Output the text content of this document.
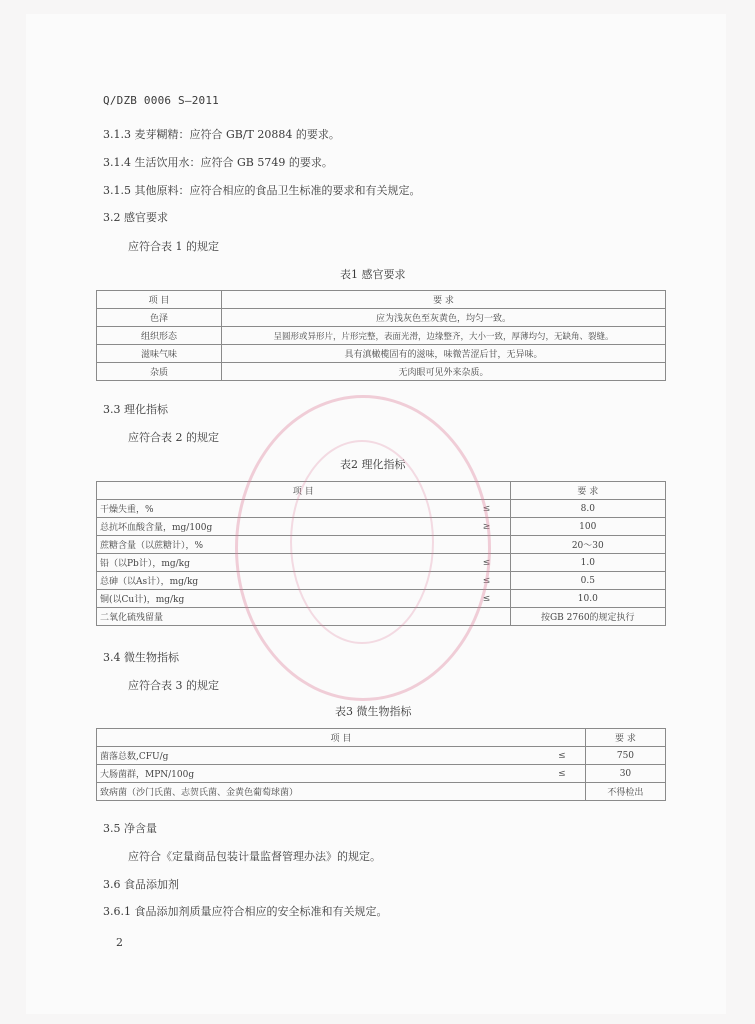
Q/DZB 0006 S—2011
3.1.3 麦芽糊精：应符合 GB/T 20884 的要求。
3.1.4 生活饮用水：应符合 GB 5749 的要求。
3.1.5 其他原料：应符合相应的食品卫生标准的要求和有关规定。
3.2 感官要求
应符合表 1 的规定
表1 感官要求
项 目	要 求
色泽	应为浅灰色至灰黄色，均匀一致。
组织形态	呈圆形或异形片，片形完整，表面光滑，边缘整齐，大小一致，厚薄均匀，无缺角、裂缝。
滋味气味	具有滇橄榄固有的滋味，味微苦涩后甘，无异味。
杂质	无肉眼可见外来杂质。
3.3 理化指标
应符合表 2 的规定
表2 理化指标
项 目		要 求
干燥失重，%	≤	8.0
总抗坏血酸含量，mg/100g	≥	100
蔗糖含量（以蔗糖计），%		20～30
铅（以Pb计），mg/kg	≤	1.0
总砷（以As计），mg/kg	≤	0.5
铜(以Cu计)，mg/kg	≤	10.0
二氧化硫残留量		按GB 2760的规定执行
3.4 微生物指标
应符合表 3 的规定
表3 微生物指标
项 目		要 求
菌落总数,CFU/g	≤	750
大肠菌群，MPN/100g	≤	30
致病菌（沙门氏菌、志贺氏菌、金黄色葡萄球菌）		不得检出
3.5 净含量
应符合《定量商品包装计量监督管理办法》的规定。
3.6 食品添加剂
3.6.1 食品添加剂质量应符合相应的安全标准和有关规定。
2
